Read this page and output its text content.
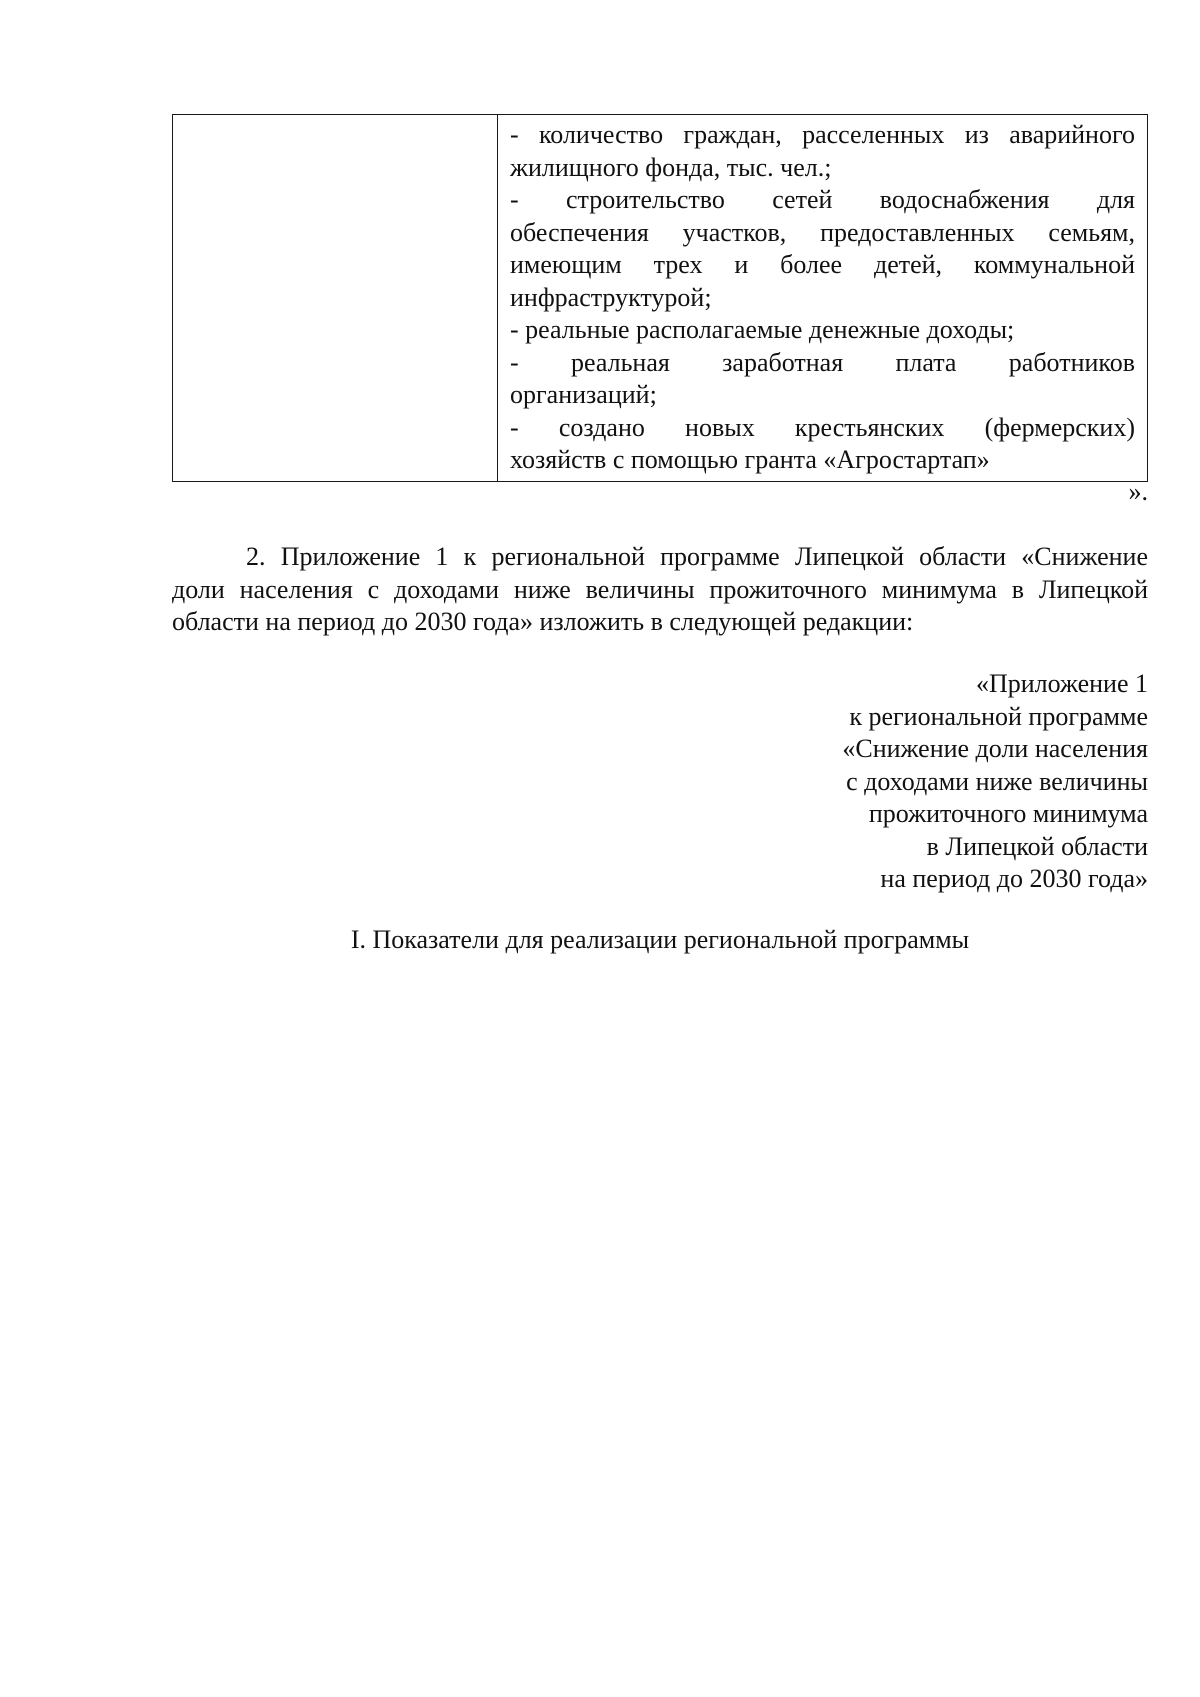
- количество граждан, расселенных из аварийного
жилищного фонда, тыс. чел.;
- строительство сетей водоснабжения для
обеспечения участков, предоставленных семьям,
имеющим трех и более детей, коммунальной
инфраструктурой;
- реальные располагаемые денежные доходы;
- реальная заработная плата работников
организаций;
- создано новых крестьянских (фермерских)
хозяйств с помощью гранта «Агростартап»
».
2. Приложение 1 к региональной программе Липецкой области «Снижение
доли населения с доходами ниже величины прожиточного минимума в Липецкой
области на период до 2030 года» изложить в следующей редакции:
«Приложение 1
к региональной программе
«Снижение доли населения
с доходами ниже величины
прожиточного минимума
в Липецкой области
на период до 2030 года»
I. Показатели для реализации региональной программы
